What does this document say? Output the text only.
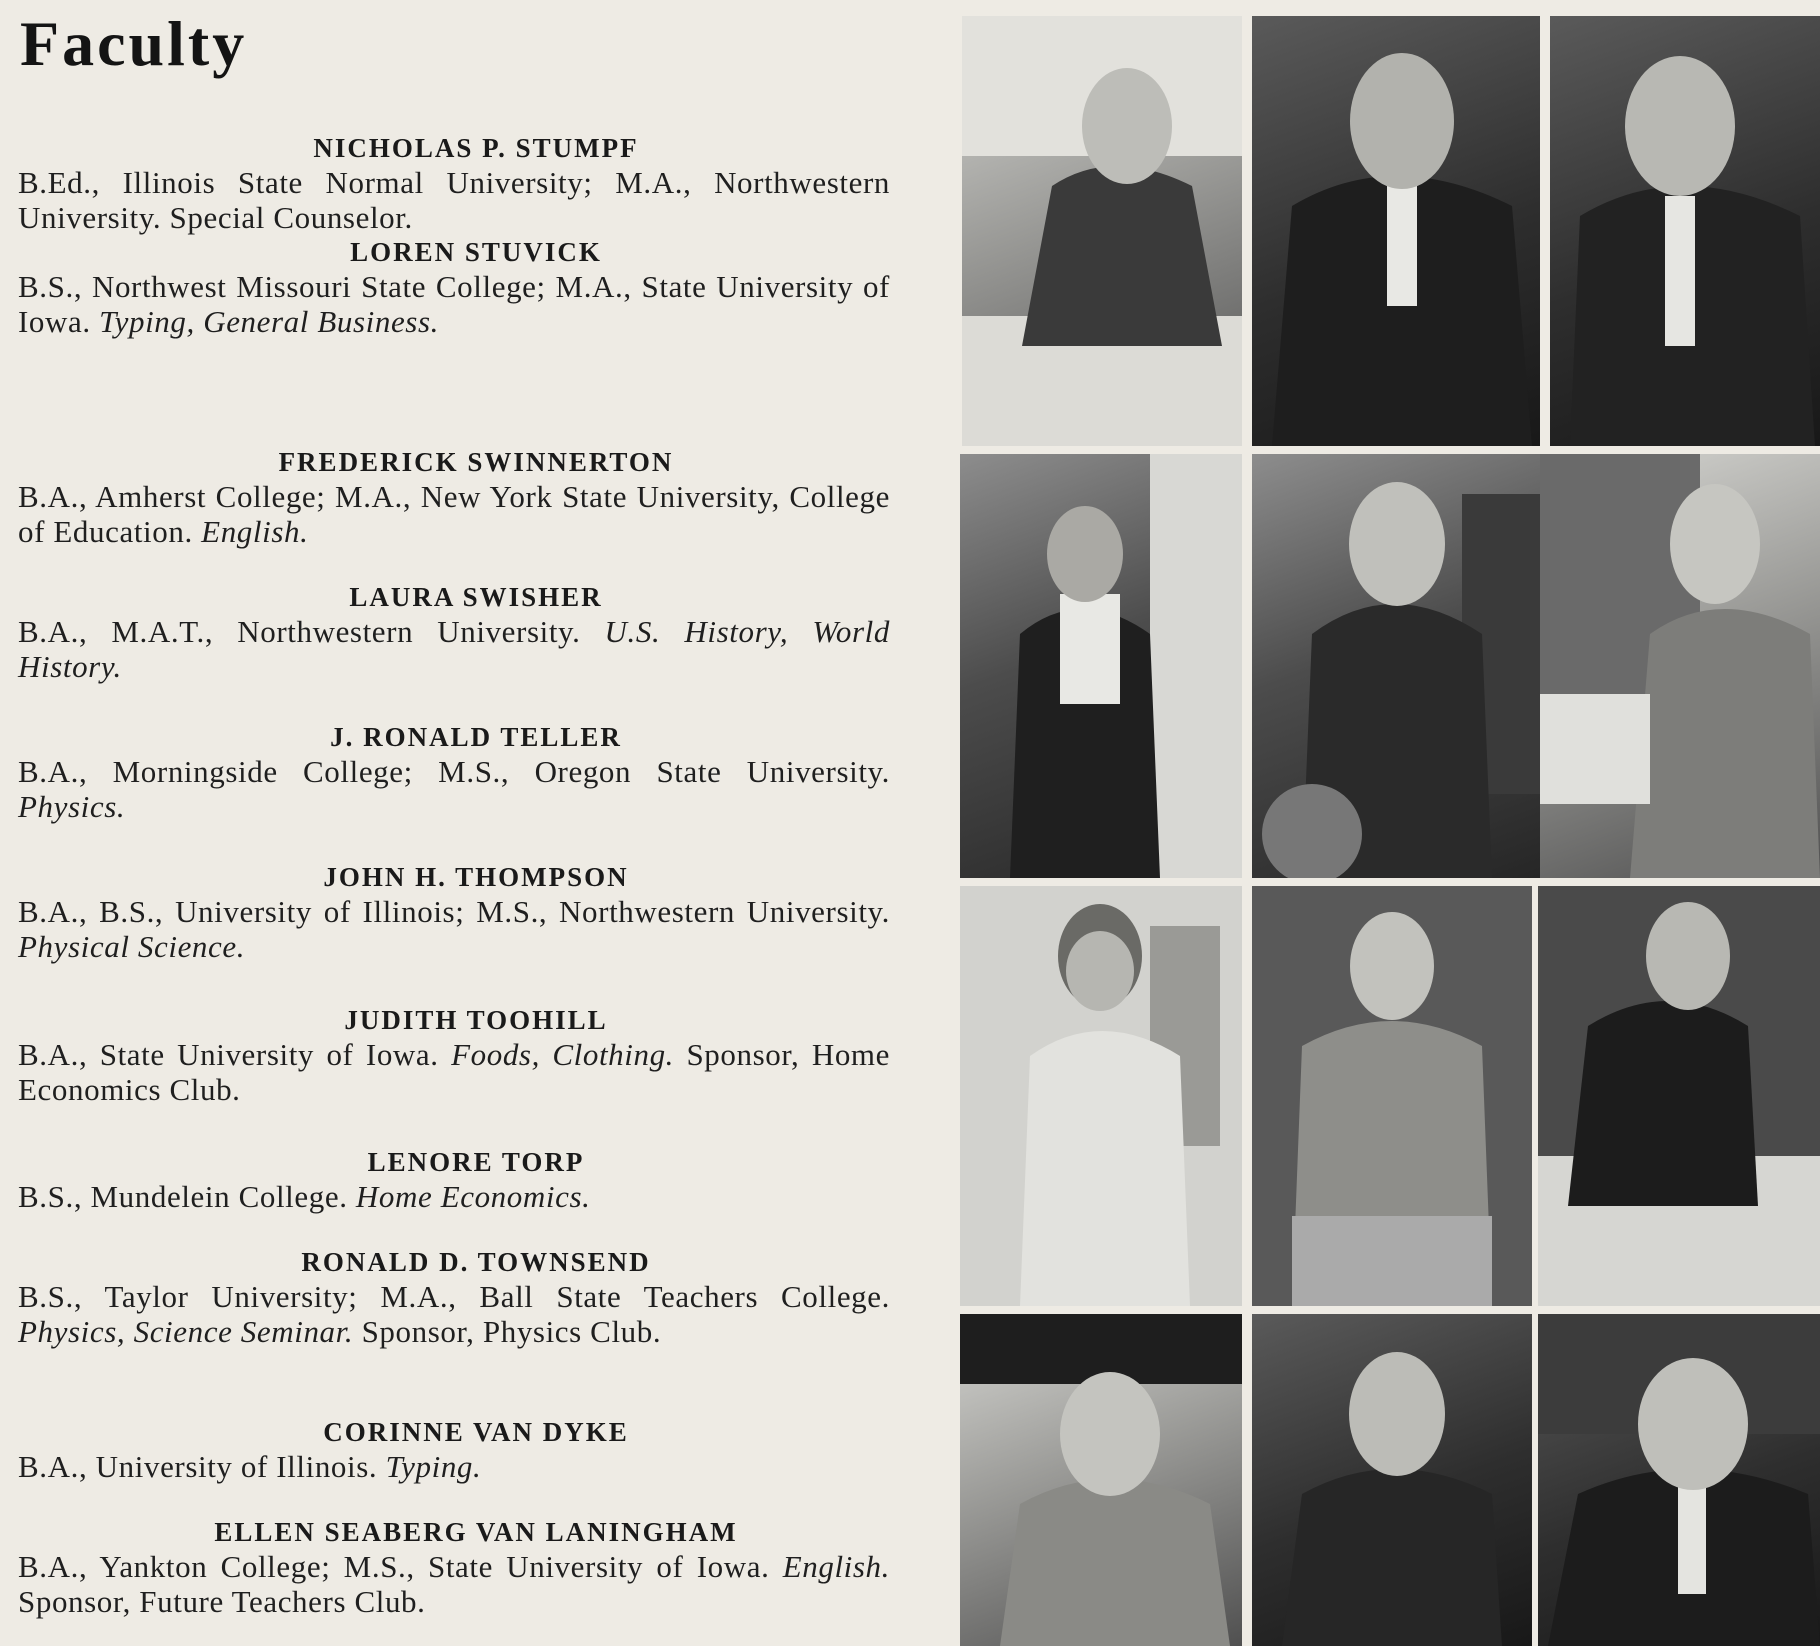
Faculty
NICHOLAS P. STUMPF
B.Ed., Illinois State Normal University; M.A., Northwestern University. Special Counselor.
LOREN STUVICK
B.S., Northwest Missouri State College; M.A., State University of Iowa. Typing, General Business.
FREDERICK SWINNERTON
B.A., Amherst College; M.A., New York State University, College of Education. English.
LAURA SWISHER
B.A., M.A.T., Northwestern University. U.S. History, World History.
J. RONALD TELLER
B.A., Morningside College; M.S., Oregon State University. Physics.
JOHN H. THOMPSON
B.A., B.S., University of Illinois; M.S., Northwestern University. Physical Science.
JUDITH TOOHILL
B.A., State University of Iowa. Foods, Clothing. Sponsor, Home Economics Club.
LENORE TORP
B.S., Mundelein College. Home Economics.
RONALD D. TOWNSEND
B.S., Taylor University; M.A., Ball State Teachers College. Physics, Science Seminar. Sponsor, Physics Club.
CORINNE VAN DYKE
B.A., University of Illinois. Typing.
ELLEN SEABERG VAN LANINGHAM
B.A., Yankton College; M.S., State University of Iowa. English. Sponsor, Future Teachers Club.
